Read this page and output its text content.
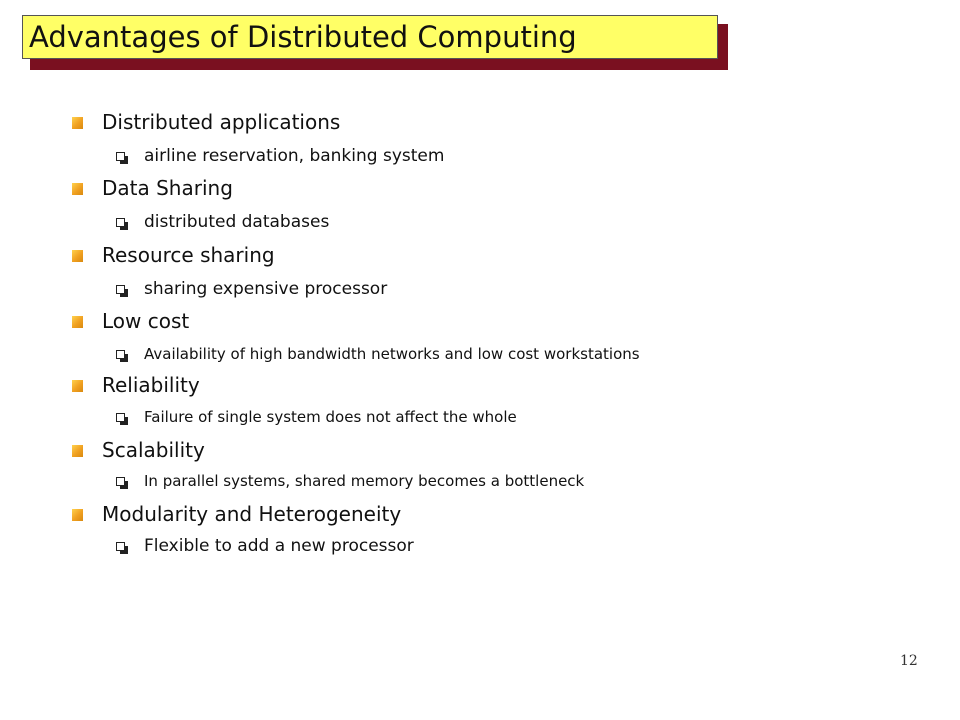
Advantages of Distributed Computing
Distributed applications
airline reservation, banking system
Data Sharing
distributed databases
Resource sharing
sharing expensive processor
Low cost
Availability of high bandwidth networks and low cost workstations
Reliability
Failure of single system does not affect the whole
Scalability
In parallel systems, shared memory becomes a bottleneck
Modularity and Heterogeneity
Flexible to add a new processor
12
